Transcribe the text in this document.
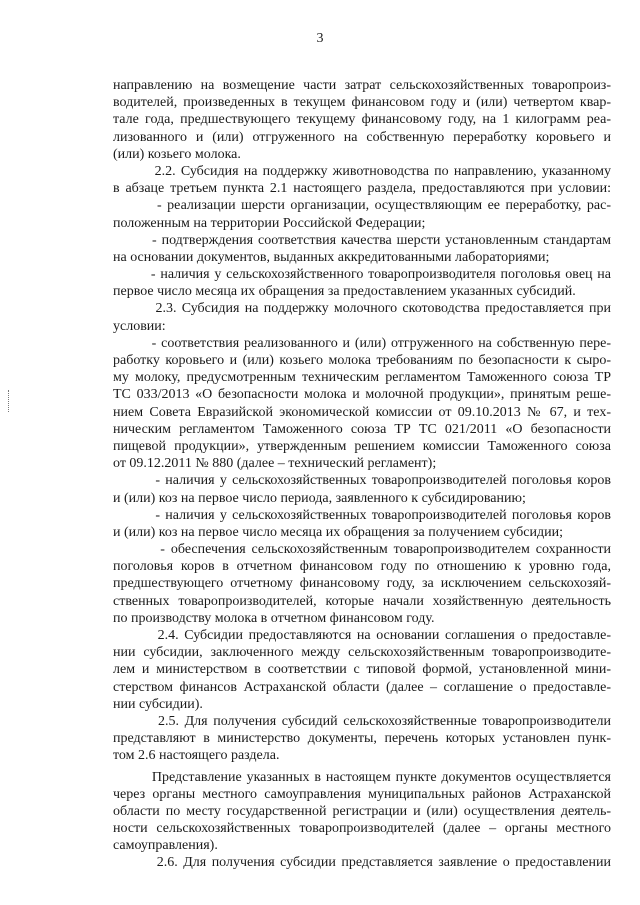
3
направлению на возмещение части затрат сельскохозяйственных товаропроиз-
водителей, произведенных в текущем финансовом году и (или) четвертом квар-
тале года, предшествующего текущему финансовому году, на 1 килограмм реа-
лизованного и (или) отгруженного на собственную переработку коровьего и
(или) козьего молока.
2.2. Субсидия на поддержку животноводства по направлению, указанному
в абзаце третьем пункта 2.1 настоящего раздела, предоставляются при условии:
- реализации шерсти организации, осуществляющим ее переработку, рас-
положенным на территории Российской Федерации;
- подтверждения соответствия качества шерсти установленным стандартам
на основании документов, выданных аккредитованными лабораториями;
- наличия у сельскохозяйственного товаропроизводителя поголовья овец на
первое число месяца их обращения за предоставлением указанных субсидий.
2.3. Субсидия на поддержку молочного скотоводства предоставляется при
условии:
- соответствия реализованного и (или) отгруженного на собственную пере-
работку коровьего и (или) козьего молока требованиям по безопасности к сыро-
му молоку, предусмотренным техническим регламентом Таможенного союза ТР
ТС 033/2013 «О безопасности молока и молочной продукции», принятым реше-
нием Совета Евразийской экономической комиссии от 09.10.2013 № 67, и тех-
ническим регламентом Таможенного союза ТР ТС 021/2011 «О безопасности
пищевой продукции», утвержденным решением комиссии Таможенного союза
от 09.12.2011 № 880 (далее – технический регламент);
- наличия у сельскохозяйственных товаропроизводителей поголовья коров
и (или) коз на первое число периода, заявленного к субсидированию;
- наличия у сельскохозяйственных товаропроизводителей поголовья коров
и (или) коз на первое число месяца их обращения за получением субсидии;
- обеспечения сельскохозяйственным товаропроизводителем сохранности
поголовья коров в отчетном финансовом году по отношению к уровню года,
предшествующего отчетному финансовому году, за исключением сельскохозяй-
ственных товаропроизводителей, которые начали хозяйственную деятельность
по производству молока в отчетном финансовом году.
2.4. Субсидии предоставляются на основании соглашения о предоставле-
нии субсидии, заключенного между сельскохозяйственным товаропроизводите-
лем и министерством в соответствии с типовой формой, установленной мини-
стерством финансов Астраханской области (далее – соглашение о предоставле-
нии субсидии).
2.5. Для получения субсидий сельскохозяйственные товаропроизводители
представляют в министерство документы, перечень которых установлен пунк-
том 2.6 настоящего раздела.
Представление указанных в настоящем пункте документов осуществляется
через органы местного самоуправления муниципальных районов Астраханской
области по месту государственной регистрации и (или) осуществления деятель-
ности сельскохозяйственных товаропроизводителей (далее – органы местного
самоуправления).
2.6. Для получения субсидии представляется заявление о предоставлении
